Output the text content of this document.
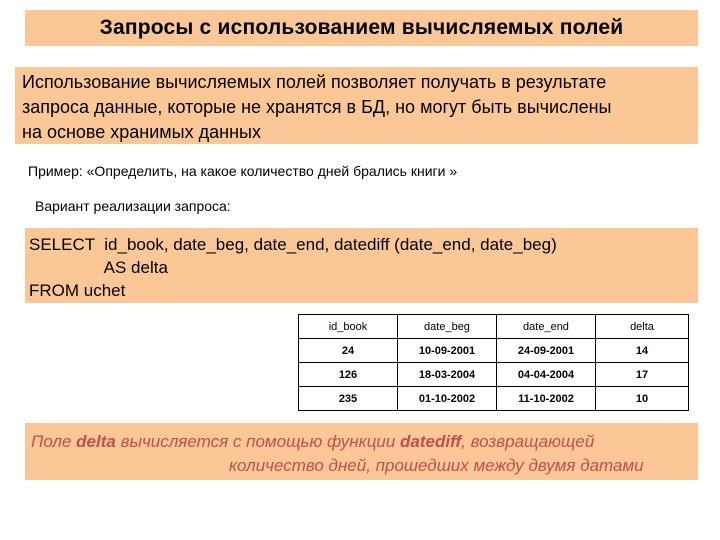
Запросы с использованием вычисляемых полей
Использование вычисляемых полей позволяет получать в результате
запроса данные, которые не хранятся в БД, но могут быть вычислены
на основе хранимых данных
Пример: «Определить, на какое количество дней брались книги »
Вариант реализации запроса:
SELECT  id_book, date_beg, date_end, datediff (date_end, date_beg)
AS delta
FROM uchet
id_book	date_beg	date_end	delta
24	10-09-2001	24-09-2001	14
126	18-03-2004	04-04-2004	17
235	01-10-2002	11-10-2002	10
Поле delta вычисляется с помощью функции datediff, возвращающей
количество дней, прошедших между двумя датами
